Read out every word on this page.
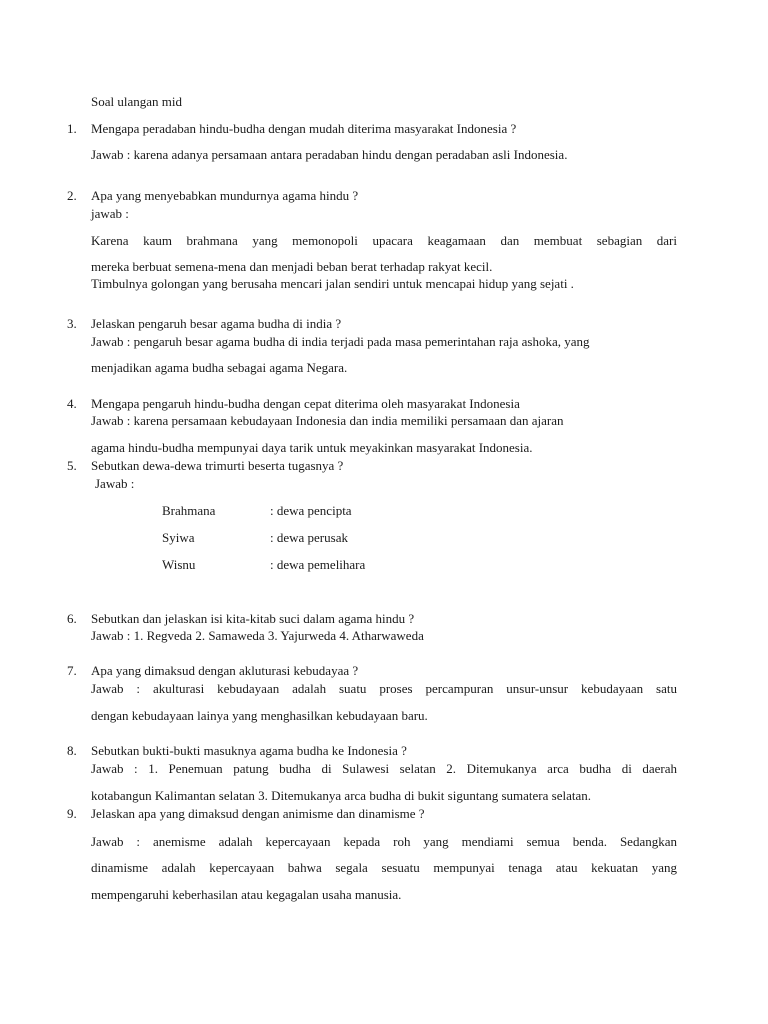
Soal ulangan mid
1. Mengapa peradaban hindu-budha dengan mudah diterima masyarakat Indonesia ?
Jawab : karena adanya persamaan antara peradaban hindu dengan peradaban asli Indonesia.
2. Apa yang menyebabkan mundurnya agama hindu ?
jawab :
Karena kaum brahmana yang memonopoli upacara keagamaan dan membuat sebagian dari
mereka berbuat semena-mena dan menjadi beban berat terhadap rakyat kecil.
Timbulnya golongan yang berusaha mencari jalan sendiri untuk mencapai hidup yang sejati .
3. Jelaskan pengaruh besar agama budha di india ?
Jawab : pengaruh besar agama budha di india terjadi pada masa pemerintahan raja ashoka, yang
menjadikan agama budha sebagai agama Negara.
4. Mengapa pengaruh hindu-budha dengan cepat diterima oleh masyarakat Indonesia
Jawab : karena persamaan kebudayaan Indonesia dan india memiliki persamaan dan ajaran
agama hindu-budha mempunyai daya tarik untuk meyakinkan masyarakat Indonesia.
5. Sebutkan dewa-dewa trimurti beserta tugasnya ?
Jawab :
Brahmana	: dewa pencipta
Syiwa	: dewa perusak
Wisnu	: dewa pemelihara
6. Sebutkan dan jelaskan isi kita-kitab suci dalam agama hindu ?
Jawab : 1. Regveda 2. Samaweda 3. Yajurweda 4. Atharwaweda
7. Apa yang dimaksud dengan akluturasi kebudayaa ?
Jawab : akulturasi kebudayaan adalah suatu proses percampuran unsur-unsur kebudayaan satu
dengan kebudayaan lainya yang menghasilkan kebudayaan baru.
8. Sebutkan bukti-bukti masuknya agama budha ke Indonesia ?
Jawab : 1. Penemuan patung budha di Sulawesi selatan 2. Ditemukanya arca budha di daerah
kotabangun Kalimantan selatan 3. Ditemukanya arca budha di bukit siguntang sumatera selatan.
9. Jelaskan apa yang dimaksud dengan animisme dan dinamisme ?
Jawab : anemisme adalah kepercayaan kepada roh yang mendiami semua benda. Sedangkan
dinamisme adalah kepercayaan bahwa segala sesuatu mempunyai tenaga atau kekuatan yang
mempengaruhi keberhasilan atau kegagalan usaha manusia.
